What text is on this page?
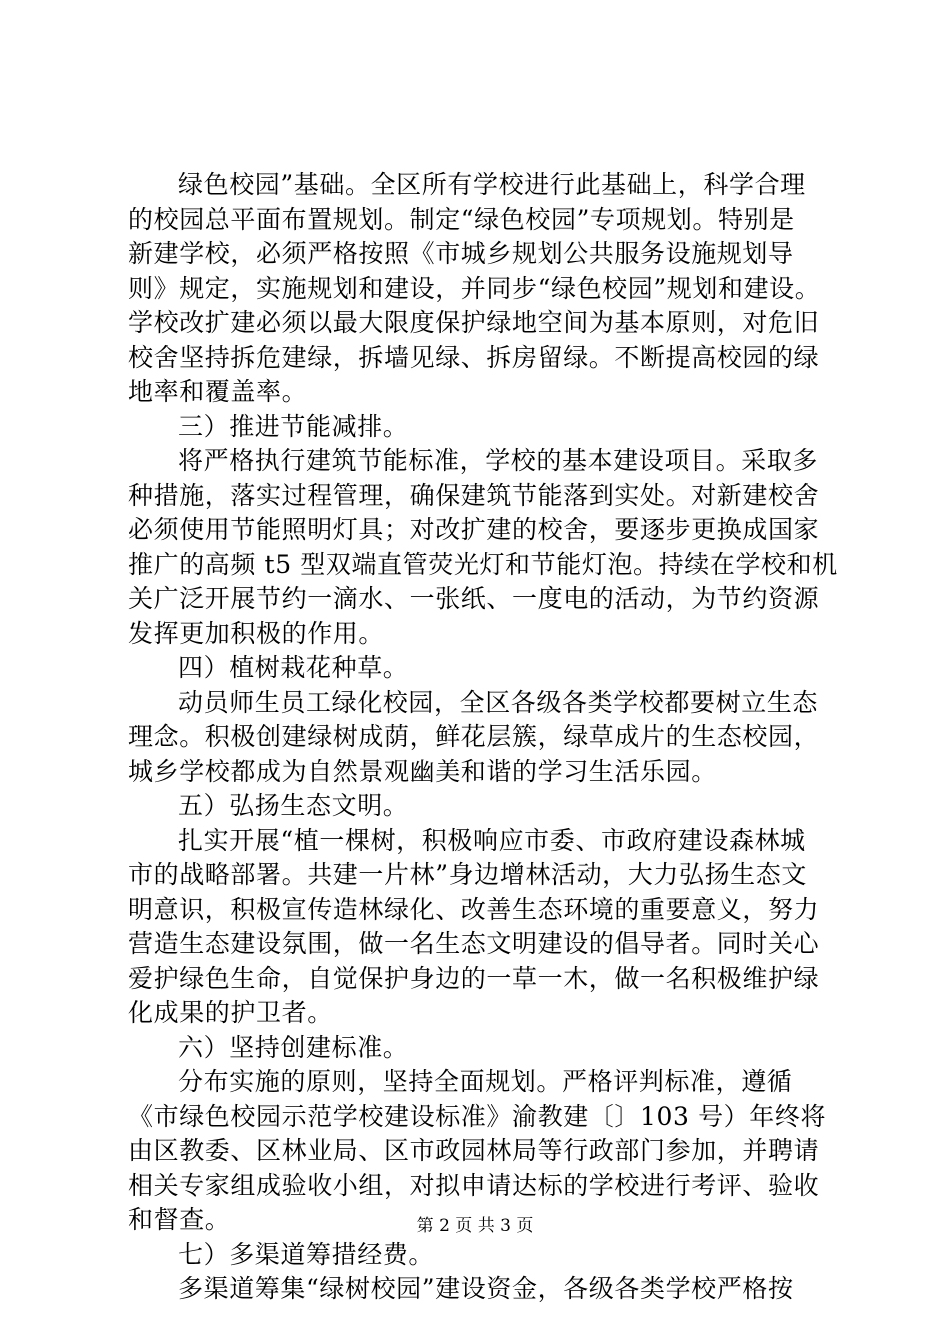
绿色校园”基础。全区所有学校进行此基础上，科学合理
的校园总平面布置规划。制定“绿色校园”专项规划。特别是
新建学校，必须严格按照《市城乡规划公共服务设施规划导
则》规定，实施规划和建设，并同步“绿色校园”规划和建设。
学校改扩建必须以最大限度保护绿地空间为基本原则，对危旧
校舍坚持拆危建绿，拆墙见绿、拆房留绿。不断提高校园的绿
地率和覆盖率。
三）推进节能减排。
将严格执行建筑节能标准，学校的基本建设项目。采取多
种措施，落实过程管理，确保建筑节能落到实处。对新建校舍
必须使用节能照明灯具；对改扩建的校舍，要逐步更换成国家
推广的高频 t5 型双端直管荧光灯和节能灯泡。持续在学校和机
关广泛开展节约一滴水、一张纸、一度电的活动，为节约资源
发挥更加积极的作用。
四）植树栽花种草。
动员师生员工绿化校园，全区各级各类学校都要树立生态
理念。积极创建绿树成荫，鲜花层簇，绿草成片的生态校园，
城乡学校都成为自然景观幽美和谐的学习生活乐园。
五）弘扬生态文明。
扎实开展“植一棵树，积极响应市委、市政府建设森林城
市的战略部署。共建一片林”身边增林活动，大力弘扬生态文
明意识，积极宣传造林绿化、改善生态环境的重要意义，努力
营造生态建设氛围，做一名生态文明建设的倡导者。同时关心
爱护绿色生命，自觉保护身边的一草一木，做一名积极维护绿
化成果的护卫者。
六）坚持创建标准。
分布实施的原则，坚持全面规划。严格评判标准，遵循
《市绿色校园示范学校建设标准》渝教建〔〕103 号）年终将
由区教委、区林业局、区市政园林局等行政部门参加，并聘请
相关专家组成验收小组，对拟申请达标的学校进行考评、验收
和督查。
七）多渠道筹措经费。
多渠道筹集“绿树校园”建设资金，各级各类学校严格按
第 2 页 共 3 页
